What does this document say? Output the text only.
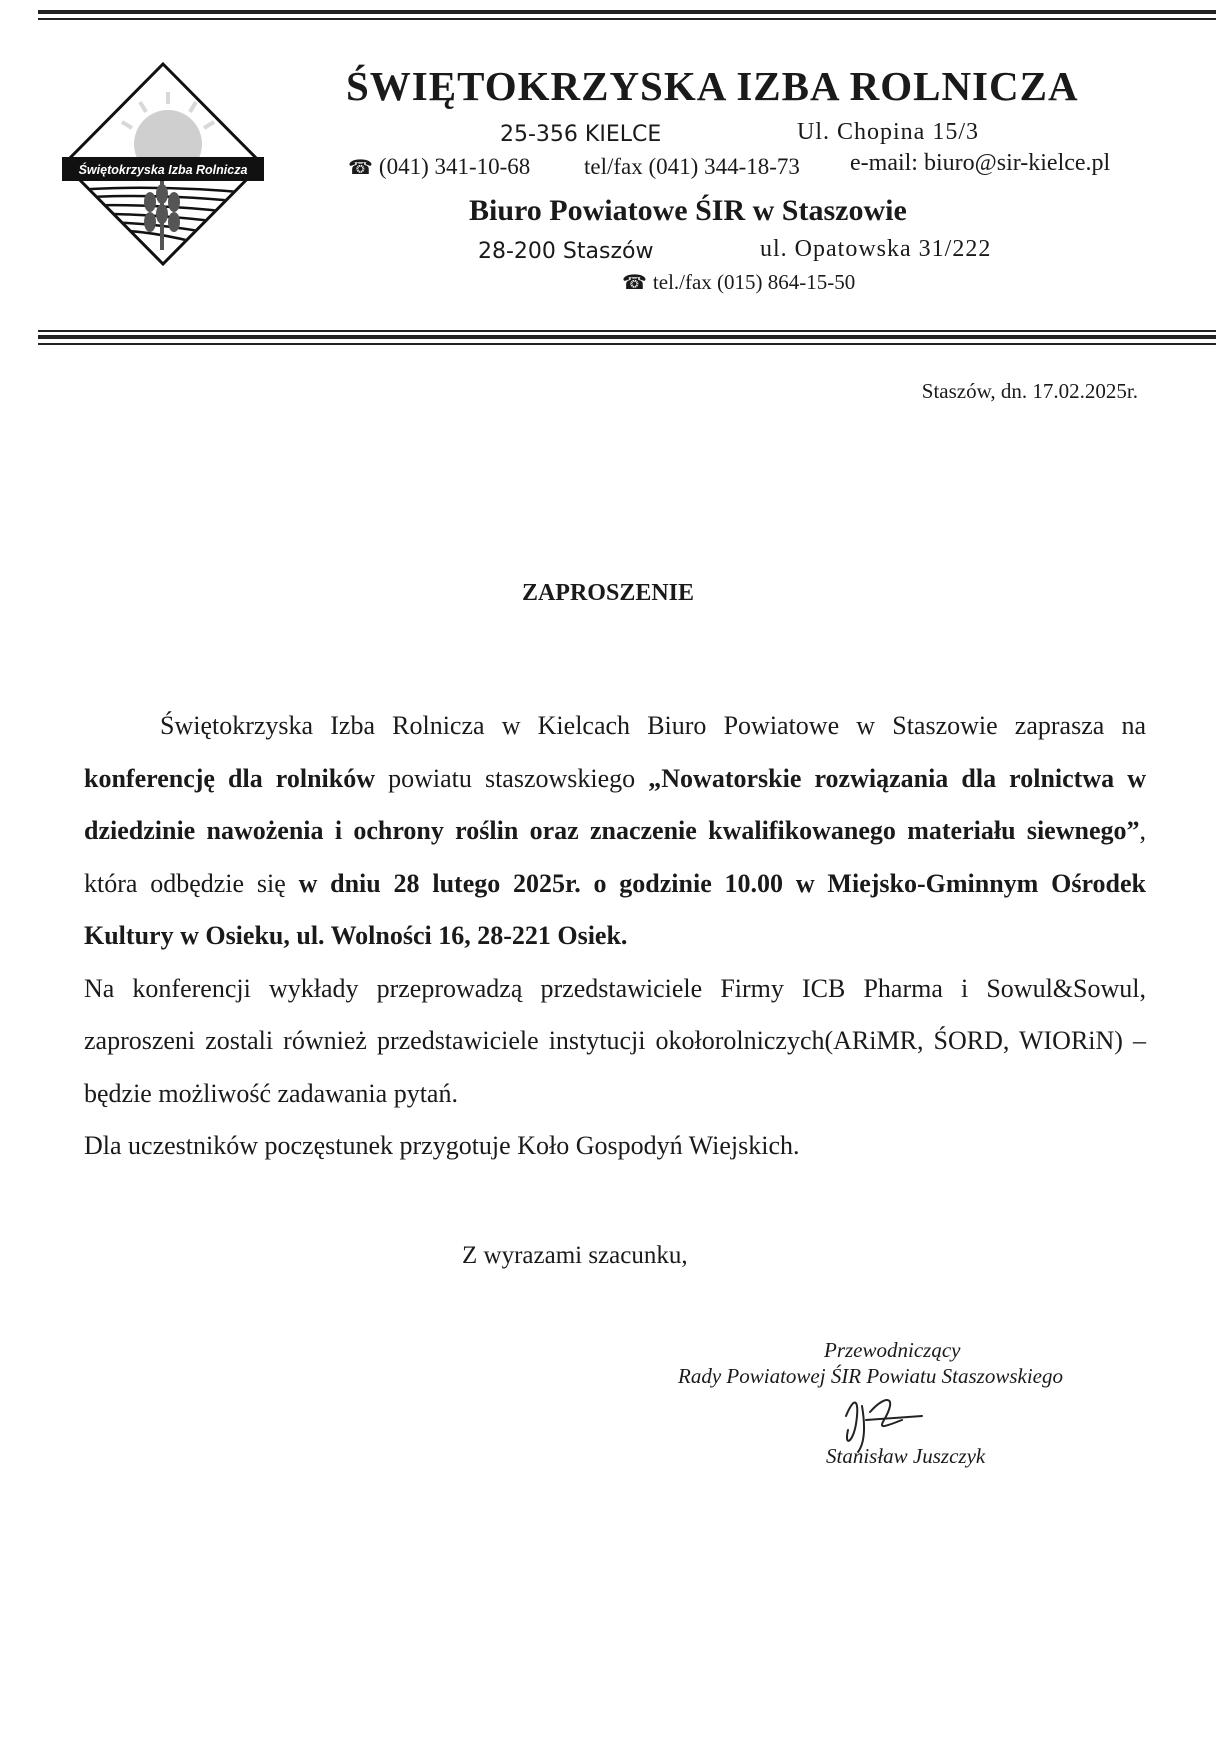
Świętokrzyska Izba Rolnicza
ŚWIĘTOKRZYSKA IZBA ROLNICZA
25-356 KIELCE	Ul. Chopina 15/3
☎ (041) 341-10-68 tel/fax (041) 344-18-73 e-mail: biuro@sir-kielce.pl
Biuro Powiatowe ŚIR w Staszowie
28-200 Staszów	ul. Opatowska 31/222
☎ tel./fax (015) 864-15-50
Staszów, dn. 17.02.2025r.
ZAPROSZENIE

Świętokrzyska Izba Rolnicza w Kielcach Biuro Powiatowe w Staszowie zaprasza na konferencję dla rolników powiatu staszowskiego „Nowatorskie rozwiązania dla rolnictwa w dziedzinie nawożenia i ochrony roślin oraz znaczenie kwalifikowanego materiału siewnego”, która odbędzie się w dniu 28 lutego 2025r. o godzinie 10.00 w Miejsko-Gminnym Ośrodek Kultury w Osieku, ul. Wolności 16, 28-221 Osiek.

Na konferencji wykłady przeprowadzą przedstawiciele Firmy ICB Pharma i Sowul&Sowul, zaproszeni zostali również przedstawiciele instytucji okołorolniczych(ARiMR, ŚORD, WIORiN) – będzie możliwość zadawania pytań.

Dla uczestników poczęstunek przygotuje Koło Gospodyń Wiejskich.

Z wyrazami szacunku,
Przewodniczący
Rady Powiatowej ŚIR Powiatu Staszowskiego
Stanisław Juszczyk
